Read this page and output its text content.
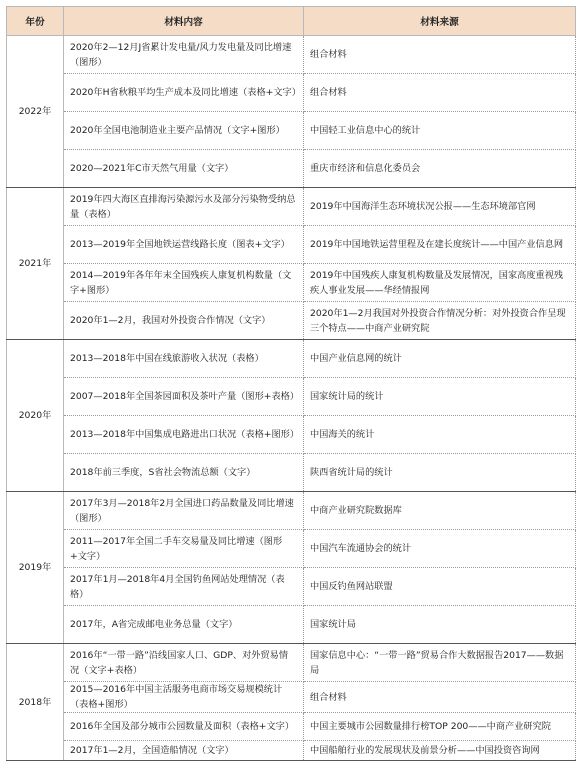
年份	材料内容	材料来源
2022年	2020年2—12月J省累计发电量/风力发电量及同比增速（图形）	组合材料
	2020年H省秋粮平均生产成本及同比增速（表格+文字）	组合材料
	2020年全国电池制造业主要产品情况（文字+图形）	中国轻工业信息中心的统计
	2020—2021年C市天然气用量（文字）	重庆市经济和信息化委员会
2021年	2019年四大海区直排海污染源污水及部分污染物受纳总量（表格）	2019年中国海洋生态环境状况公报——生态环境部官网
	2013—2019年全国地铁运营线路长度（图表+文字）	2019年中国地铁运营里程及在建长度统计——中国产业信息网
	2014—2019年各年年末全国残疾人康复机构数量（文字+图形）	2019年中国残疾人康复机构数量及发展情况，国家高度重视残疾人事业发展——华经情报网
	2020年1—2月，我国对外投资合作情况（文字）	2020年1—2月我国对外投资合作情况分析：对外投资合作呈现三个特点——中商产业研究院
2020年	2013—2018年中国在线旅游收入状况（表格）	中国产业信息网的统计
	2007—2018年全国茶园面积及茶叶产量（图形+表格）	国家统计局的统计
	2013—2018年中国集成电路进出口状况（表格+图形）	中国海关的统计
	2018年前三季度，S省社会物流总额（文字）	陕西省统计局的统计
2019年	2017年3月—2018年2月全国进口药品数量及同比增速（图形）	中商产业研究院数据库
	2011—2017年全国二手车交易量及同比增速（图形+文字）	中国汽车流通协会的统计
	2017年1月—2018年4月全国钓鱼网站处理情况（表格）	中国反钓鱼网站联盟
	2017年，A省完成邮电业务总量（文字）	国家统计局
2018年	2016年“一带一路”沿线国家人口、GDP、对外贸易情况（文字+表格）	国家信息中心：“一带一路”贸易合作大数据报告2017——数据局
	2015—2016年中国主活服务电商市场交易规模统计（表格+图形）	组合材料
	2016年全国及部分城市公园数量及面积（表格+文字）	中国主要城市公园数量排行榜TOP 200——中商产业研究院
	2017年1—2月，全国造船情况（文字）	中国船舶行业的发展现状及前景分析——中国投资咨询网
